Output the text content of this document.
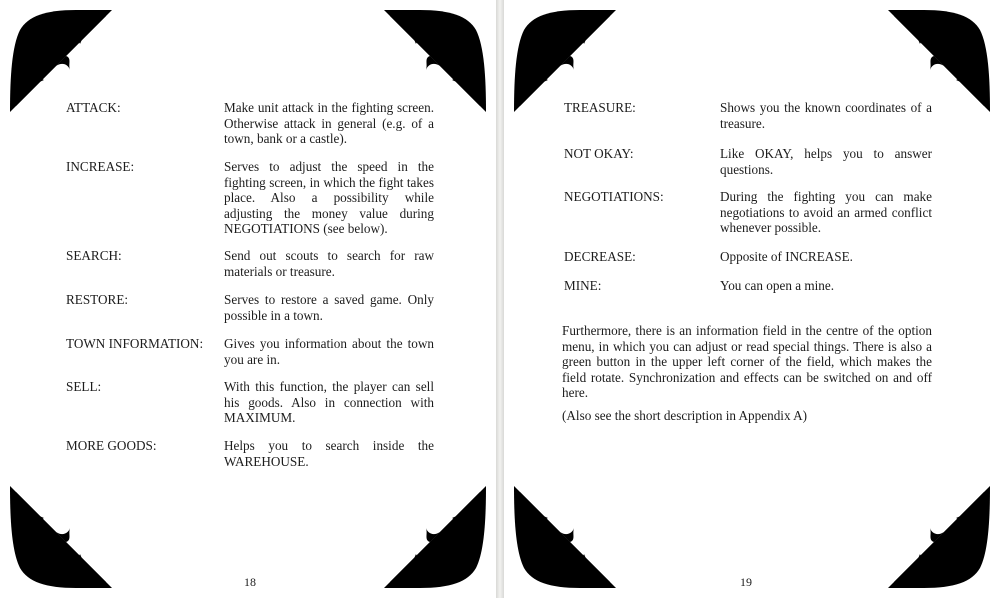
ATTACK:	Make unit attack in the fighting screen. Otherwise attack in general (e.g. of a town, bank or a castle).
INCREASE:	Serves to adjust the speed in the fighting screen, in which the fight takes place. Also a possibility while adjusting the money value during NEGOTIATIONS (see below).
SEARCH:	Send out scouts to search for raw materials or treasure.
RESTORE:	Serves to restore a saved game. Only possible in a town.
TOWN INFORMATION: Gives you information about the town you are in.
SELL:	With this function, the player can sell his goods. Also in connection with MAXIMUM.
MORE GOODS:	Helps you to search inside the WAREHOUSE.
18
TREASURE:	Shows you the known coordinates of a treasure.
NOT OKAY:	Like OKAY, helps you to answer questions.
NEGOTIATIONS:	During the fighting you can make negotiations to avoid an armed conflict whenever possible.
DECREASE:	Opposite of INCREASE.
MINE:	You can open a mine.
Furthermore, there is an information field in the centre of the option menu, in which you can adjust or read special things. There is also a green button in the upper left corner of the field, which makes the field rotate. Synchronization and effects can be switched on and off here.
(Also see the short description in Appendix A)
19
